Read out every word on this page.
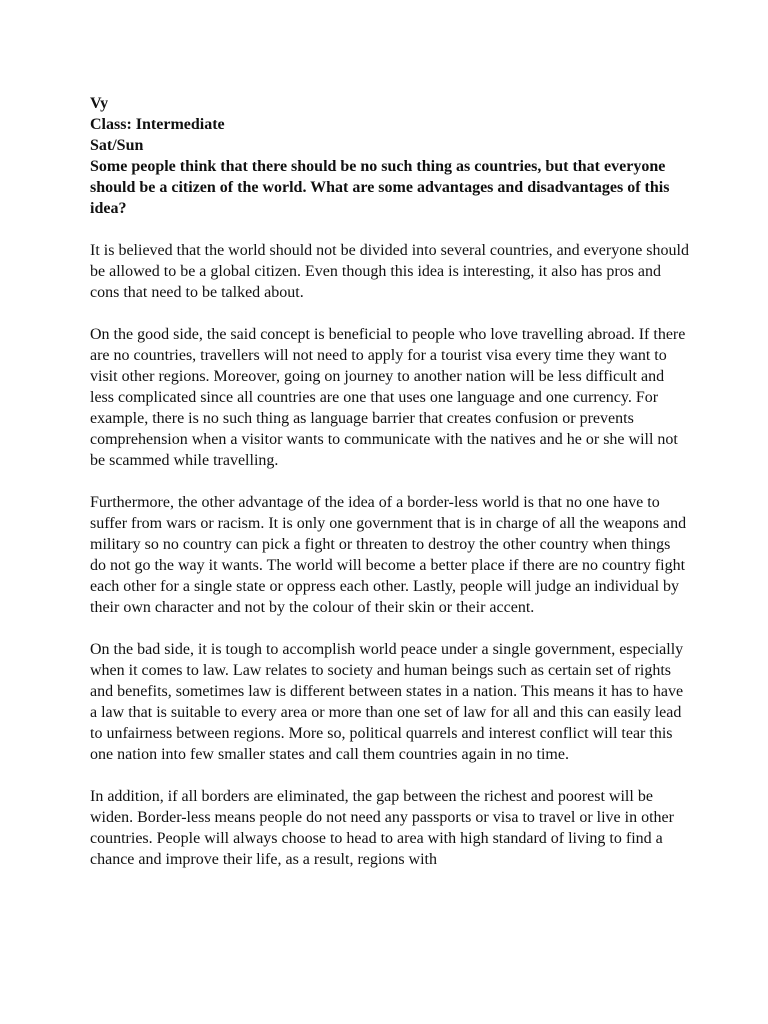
Vy

Class: Intermediate

Sat/Sun

Some people think that there should be no such thing as countries, but that everyone should be a citizen of the world. What are some advantages and disadvantages of this idea?

It is believed that the world should not be divided into several countries, and everyone should be allowed to be a global citizen. Even though this idea is interesting, it also has pros and cons that need to be talked about.

On the good side, the said concept is beneficial to people who love travelling abroad. If there are no countries, travellers will not need to apply for a tourist visa every time they want to visit other regions. Moreover, going on journey to another nation will be less difficult and less complicated since all countries are one that uses one language and one currency. For example, there is no such thing as language barrier that creates confusion or prevents comprehension when a visitor wants to communicate with the natives and he or she will not be scammed while travelling.

Furthermore, the other advantage of the idea of a border-less world is that no one have to suffer from wars or racism. It is only one government that is in charge of all the weapons and military so no country can pick a fight or threaten to destroy the other country when things do not go the way it wants. The world will become a better place if there are no country fight each other for a single state or oppress each other. Lastly, people will judge an individual by their own character and not by the colour of their skin or their accent.

On the bad side, it is tough to accomplish world peace under a single government, especially when it comes to law. Law relates to society and human beings such as certain set of rights and benefits, sometimes law is different between states in a nation. This means it has to have a law that is suitable to every area or more than one set of law for all and this can easily lead to unfairness between regions. More so, political quarrels and interest conflict will tear this one nation into few smaller states and call them countries again in no time.

In addition, if all borders are eliminated, the gap between the richest and poorest will be widen. Border-less means people do not need any passports or visa to travel or live in other countries. People will always choose to head to area with high standard of living to find a chance and improve their life, as a result, regions with
